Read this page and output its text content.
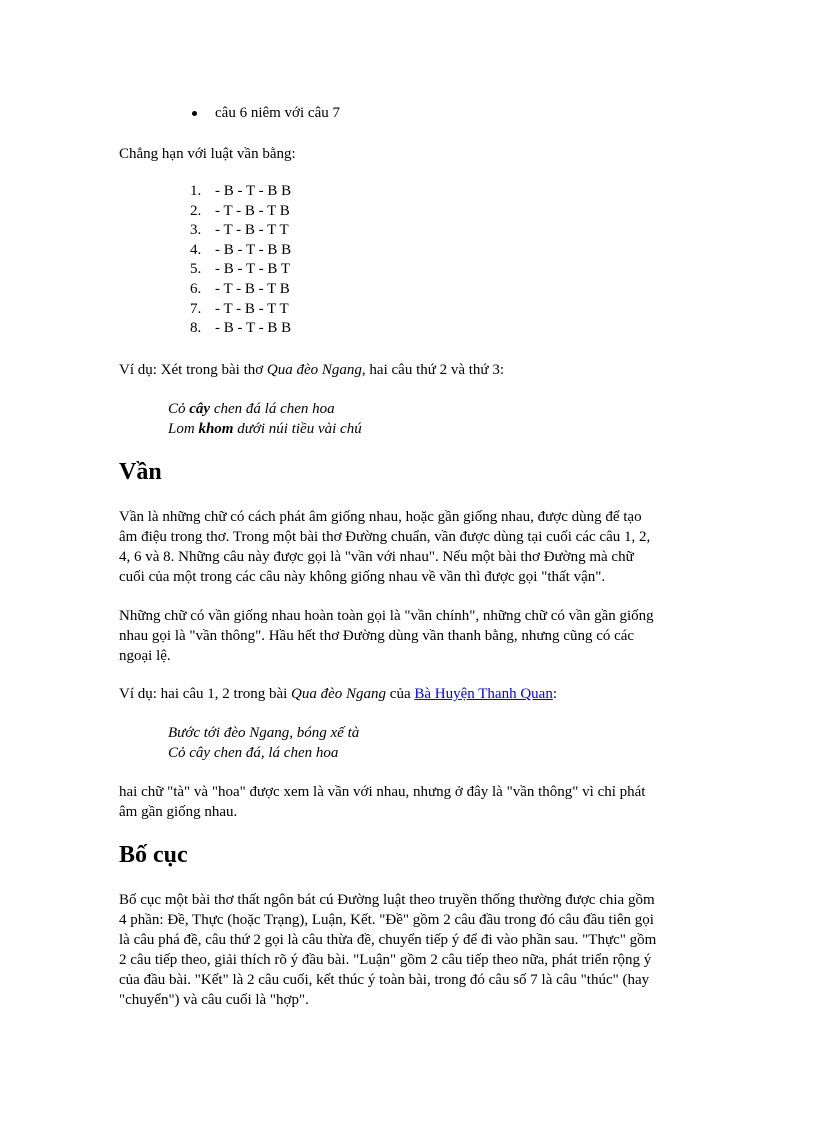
câu 6 niêm với câu 7
Chẳng hạn với luật vần bằng:
1. - B - T - B B
2. - T - B - T B
3. - T - B - T T
4. - B - T - B B
5. - B - T - B T
6. - T - B - T B
7. - T - B - T T
8. - B - T - B B
Ví dụ: Xét trong bài thơ Qua đèo Ngang, hai câu thứ 2 và thứ 3:
Cỏ cây chen đá lá chen hoa
Lom khom dưới núi tiều vài chú
Vần
Vần là những chữ có cách phát âm giống nhau, hoặc gần giống nhau, được dùng để tạo
âm điệu trong thơ. Trong một bài thơ Đường chuẩn, vần được dùng tại cuối các câu 1, 2,
4, 6 và 8. Những câu này được gọi là "vần với nhau". Nếu một bài thơ Đường mà chữ
cuối của một trong các câu này không giống nhau về vần thì được gọi "thất vận".
Những chữ có vần giống nhau hoàn toàn gọi là "vần chính", những chữ có vần gần giống
nhau gọi là "vần thông". Hầu hết thơ Đường dùng vần thanh bằng, nhưng cũng có các
ngoại lệ.
Ví dụ: hai câu 1, 2 trong bài Qua đèo Ngang của Bà Huyện Thanh Quan:
Bước tới đèo Ngang, bóng xế tà
Cỏ cây chen đá, lá chen hoa
hai chữ "tà" và "hoa" được xem là vần với nhau, nhưng ở đây là "vần thông" vì chỉ phát
âm gần giống nhau.
Bố cục
Bố cục một bài thơ thất ngôn bát cú Đường luật theo truyền thống thường được chia gồm
4 phần: Đề, Thực (hoặc Trạng), Luận, Kết. "Đề" gồm 2 câu đầu trong đó câu đầu tiên gọi
là câu phá đề, câu thứ 2 gọi là câu thừa đề, chuyển tiếp ý để đi vào phần sau. "Thực" gồm
2 câu tiếp theo, giải thích rõ ý đầu bài. "Luận" gồm 2 câu tiếp theo nữa, phát triển rộng ý
của đầu bài. "Kết" là 2 câu cuối, kết thúc ý toàn bài, trong đó câu số 7 là câu "thúc" (hay
"chuyển") và câu cuối là "hợp".
